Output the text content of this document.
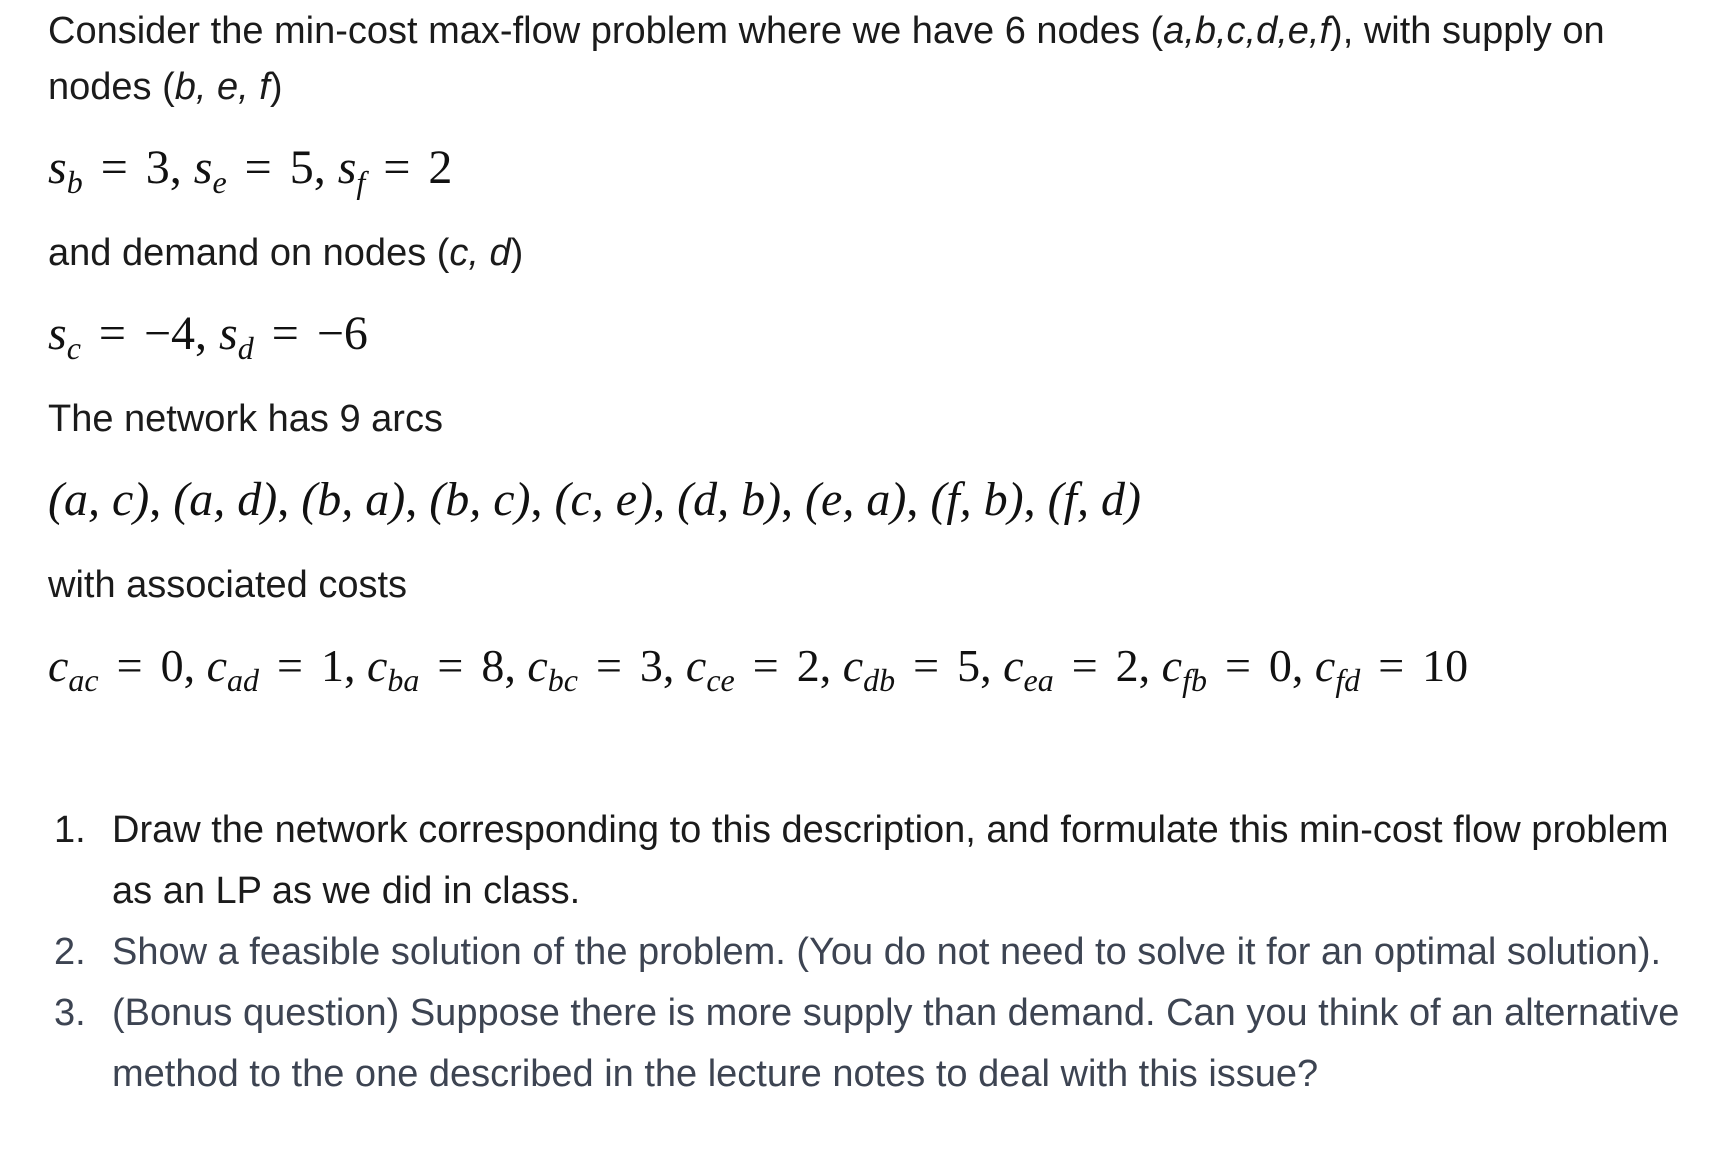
Consider the min-cost max-flow problem where we have 6 nodes (a,b,c,d,e,f), with supply on

nodes (b, e, f)

$s_b = 3$, $s_e = 5$, $s_f = 2$

and demand on nodes (c, d)

$s_c = -4$, $s_d = -6$

The network has 9 arcs

(a, c), (a, d), (b, a), (b, c), (c, e), (d, b), (e, a), (f, b), (f, d)

with associated costs

$c_{ac} = 0$, $c_{ad} = 1$, $c_{ba} = 8$, $c_{bc} = 3$, $c_{ce} = 2$, $c_{db} = 5$, $c_{ea} = 2$, $c_{fb} = 0$, $c_{fd} = 10$
1. Draw the network corresponding to this description, and formulate this min-cost flow problem as an LP as we did in class.
2. Show a feasible solution of the problem. (You do not need to solve it for an optimal solution).
3. (Bonus question) Suppose there is more supply than demand. Can you think of an alternative method to the one described in the lecture notes to deal with this issue?
